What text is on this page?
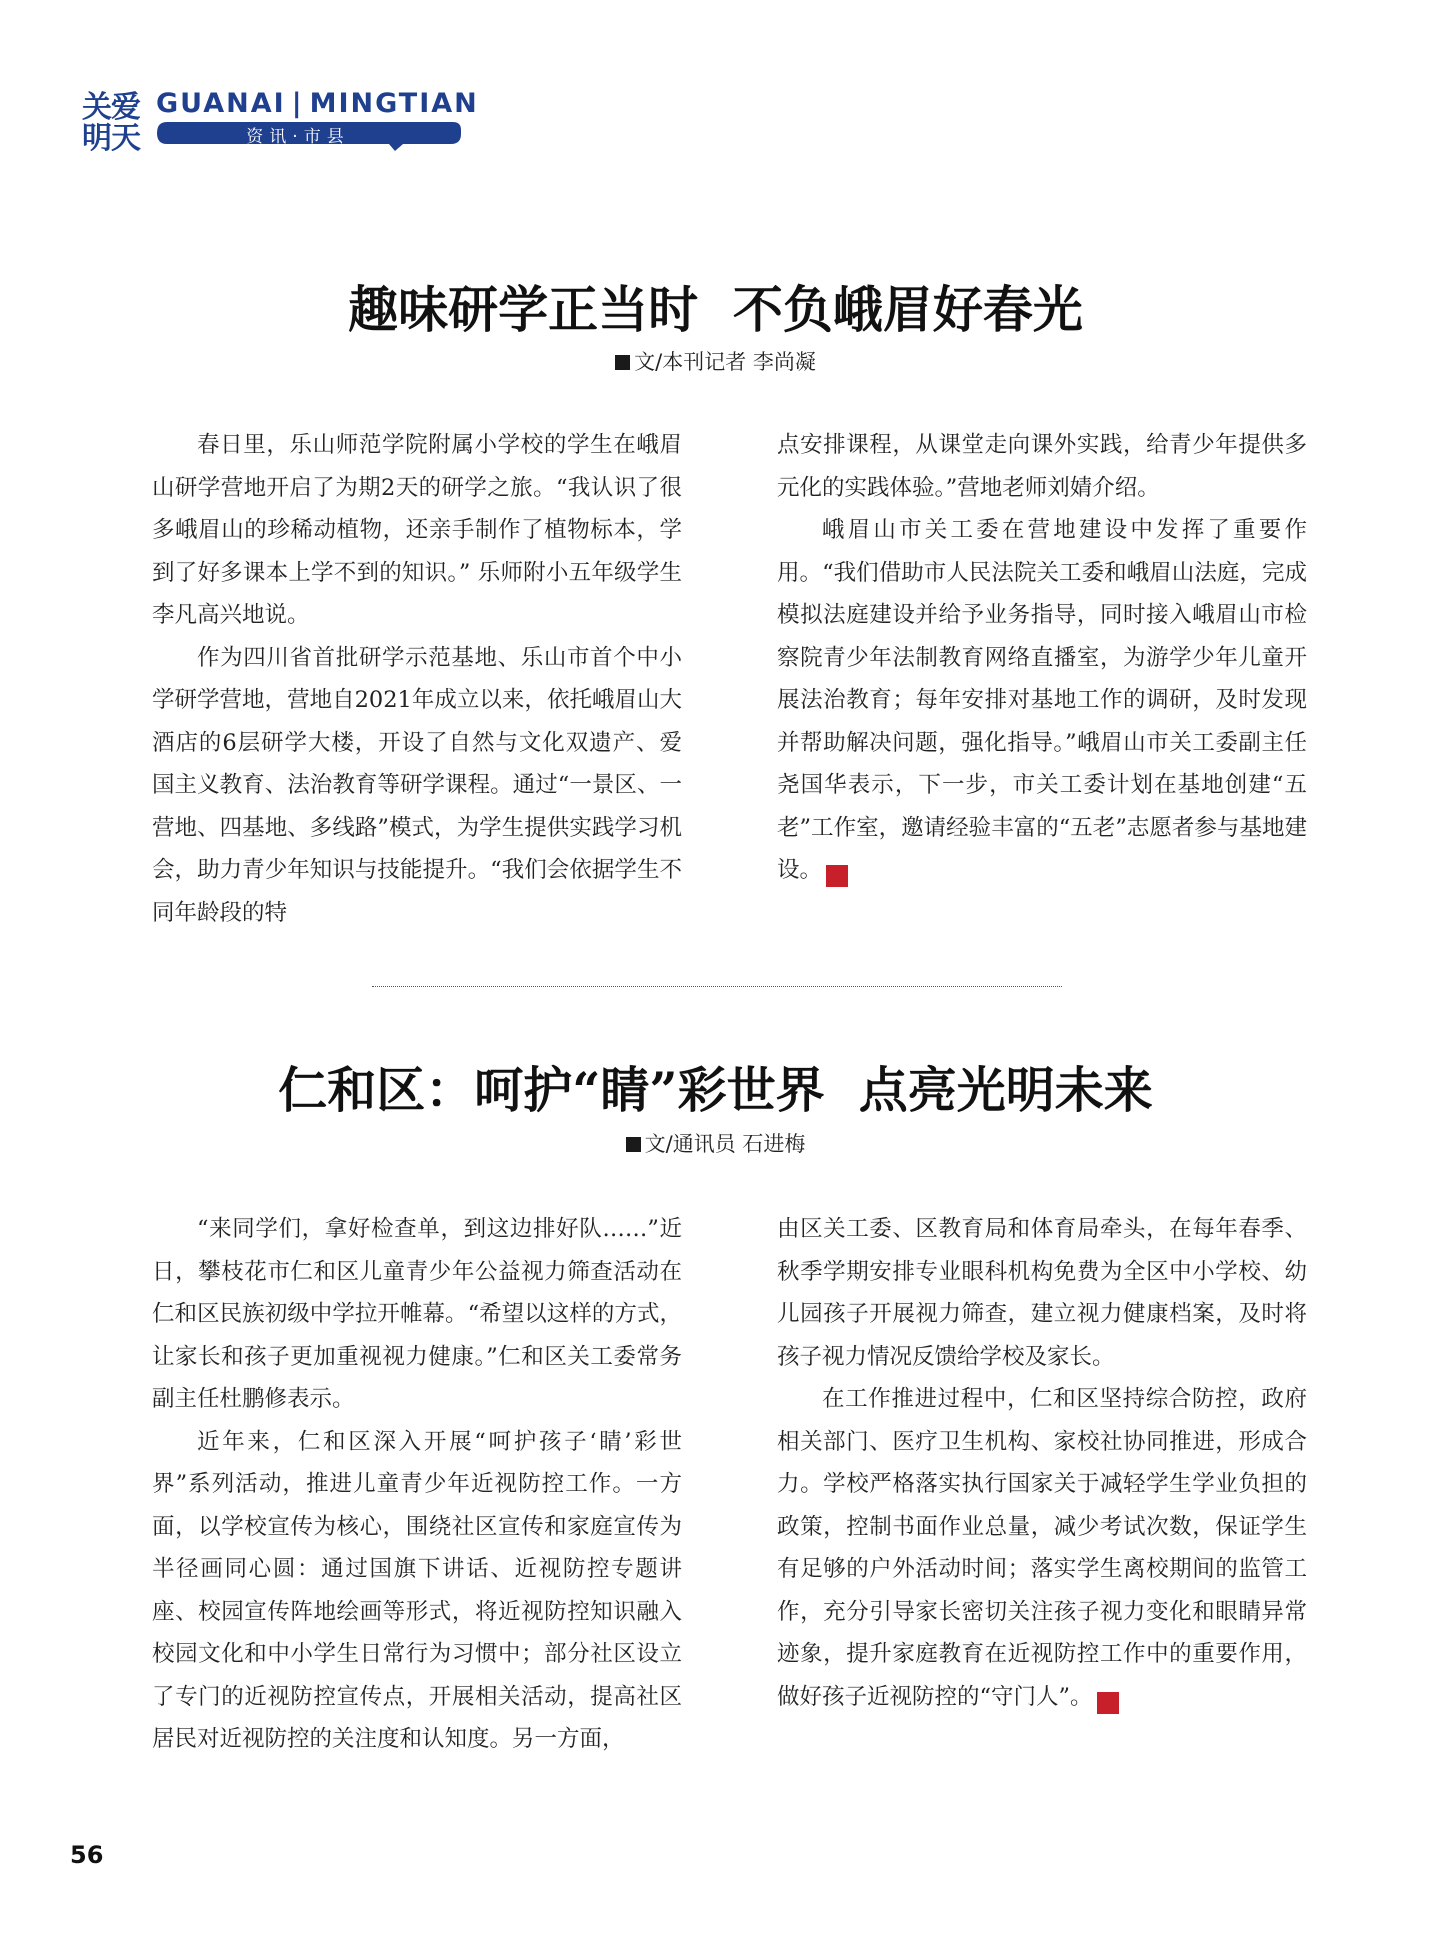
关爱
明天
GUANAI | MINGTIAN
资讯·市县
趣味研学正当时  不负峨眉好春光
文/本刊记者 李尚凝

春日里，乐山师范学院附属小学校的学生在峨眉山研学营地开启了为期2天的研学之旅。“我认识了很多峨眉山的珍稀动植物，还亲手制作了植物标本，学到了好多课本上学不到的知识。” 乐师附小五年级学生李凡高兴地说。

作为四川省首批研学示范基地、乐山市首个中小学研学营地，营地自2021年成立以来，依托峨眉山大酒店的6层研学大楼，开设了自然与文化双遗产、爱国主义教育、法治教育等研学课程。通过“一景区、一营地、四基地、多线路”模式，为学生提供实践学习机会，助力青少年知识与技能提升。“我们会依据学生不同年龄段的特

点安排课程，从课堂走向课外实践，给青少年提供多元化的实践体验。”营地老师刘婧介绍。

峨眉山市关工委在营地建设中发挥了重要作用。“我们借助市人民法院关工委和峨眉山法庭，完成模拟法庭建设并给予业务指导，同时接入峨眉山市检察院青少年法制教育网络直播室，为游学少年儿童开展法治教育；每年安排对基地工作的调研，及时发现并帮助解决问题，强化指导。”峨眉山市关工委副主任尧国华表示，下一步，市关工委计划在基地创建“五老”工作室，邀请经验丰富的“五老”志愿者参与基地建设。	关

仁和区：呵护“睛”彩世界  点亮光明未来
文/通讯员 石进梅

“来同学们，拿好检查单，到这边排好队……”近日，攀枝花市仁和区儿童青少年公益视力筛查活动在仁和区民族初级中学拉开帷幕。“希望以这样的方式，让家长和孩子更加重视视力健康。”仁和区关工委常务副主任杜鹏修表示。

近年来，仁和区深入开展“呵护孩子‘睛’彩世界”系列活动，推进儿童青少年近视防控工作。一方面，以学校宣传为核心，围绕社区宣传和家庭宣传为半径画同心圆：通过国旗下讲话、近视防控专题讲座、校园宣传阵地绘画等形式，将近视防控知识融入校园文化和中小学生日常行为习惯中；部分社区设立了专门的近视防控宣传点，开展相关活动，提高社区居民对近视防控的关注度和认知度。另一方面，

由区关工委、区教育局和体育局牵头，在每年春季、秋季学期安排专业眼科机构免费为全区中小学校、幼儿园孩子开展视力筛查，建立视力健康档案，及时将孩子视力情况反馈给学校及家长。

在工作推进过程中，仁和区坚持综合防控，政府相关部门、医疗卫生机构、家校社协同推进，形成合力。学校严格落实执行国家关于减轻学生学业负担的政策，控制书面作业总量，减少考试次数，保证学生有足够的户外活动时间；落实学生离校期间的监管工作，充分引导家长密切关注孩子视力变化和眼睛异常迹象，提升家庭教育在近视防控工作中的重要作用，做好孩子近视防控的“守门人”。	关

56
